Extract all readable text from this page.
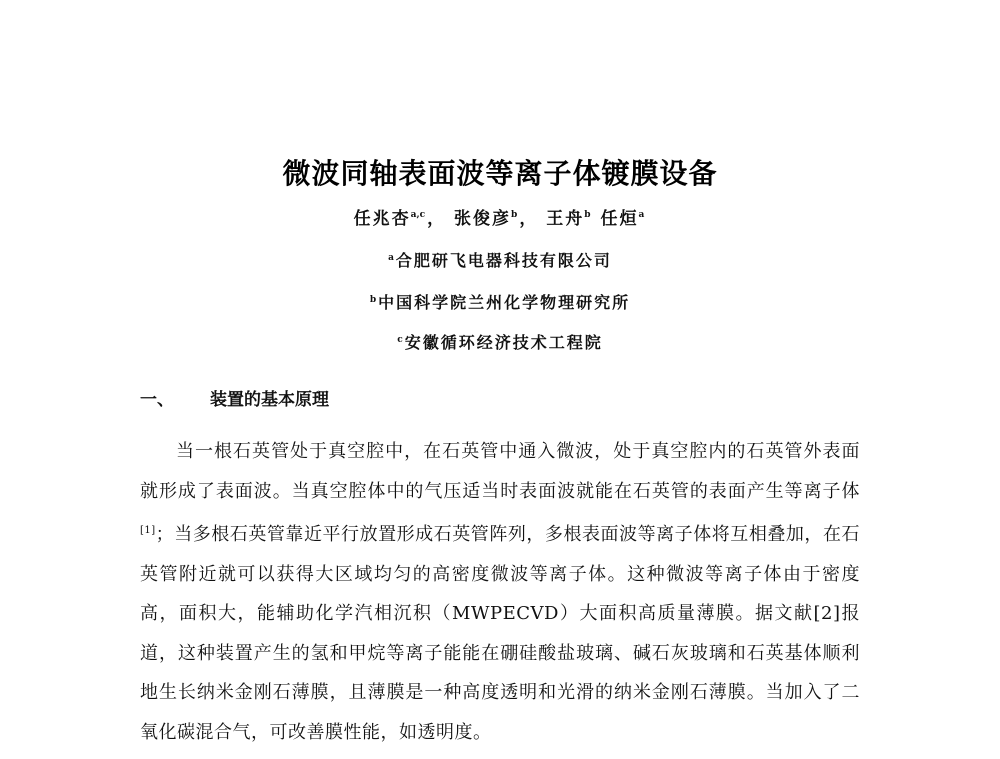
微波同轴表面波等离子体镀膜设备
任兆杏$^{a,c}$ ， 张俊彦$^b$ ， 王舟$^b$ 任烜$^a$
$^a$ 合肥研飞电器科技有限公司
$^b$ 中国科学院兰州化学物理研究所
$^c$ 安徽循环经济技术工程院
一、 装置的基本原理
当一根石英管处于真空腔中，在石英管中通入微波，处于真空腔内的石英管外表面就形成了表面波。当真空腔体中的气压适当时表面波就能在石英管的表面产生等离子体[1]；当多根石英管靠近平行放置形成石英管阵列，多根表面波等离子体将互相叠加，在石英管附近就可以获得大区域均匀的高密度微波等离子体。这种微波等离子体由于密度高，面积大，能辅助化学汽相沉积（MWPECVD）大面积高质量薄膜。据文献[2]报道，这种装置产生的氢和甲烷等离子能能在硼硅酸盐玻璃、碱石灰玻璃和石英基体顺利地生长纳米金刚石薄膜，且薄膜是一种高度透明和光滑的纳米金刚石薄膜。当加入了二氧化碳混合气，可改善膜性能，如透明度。
